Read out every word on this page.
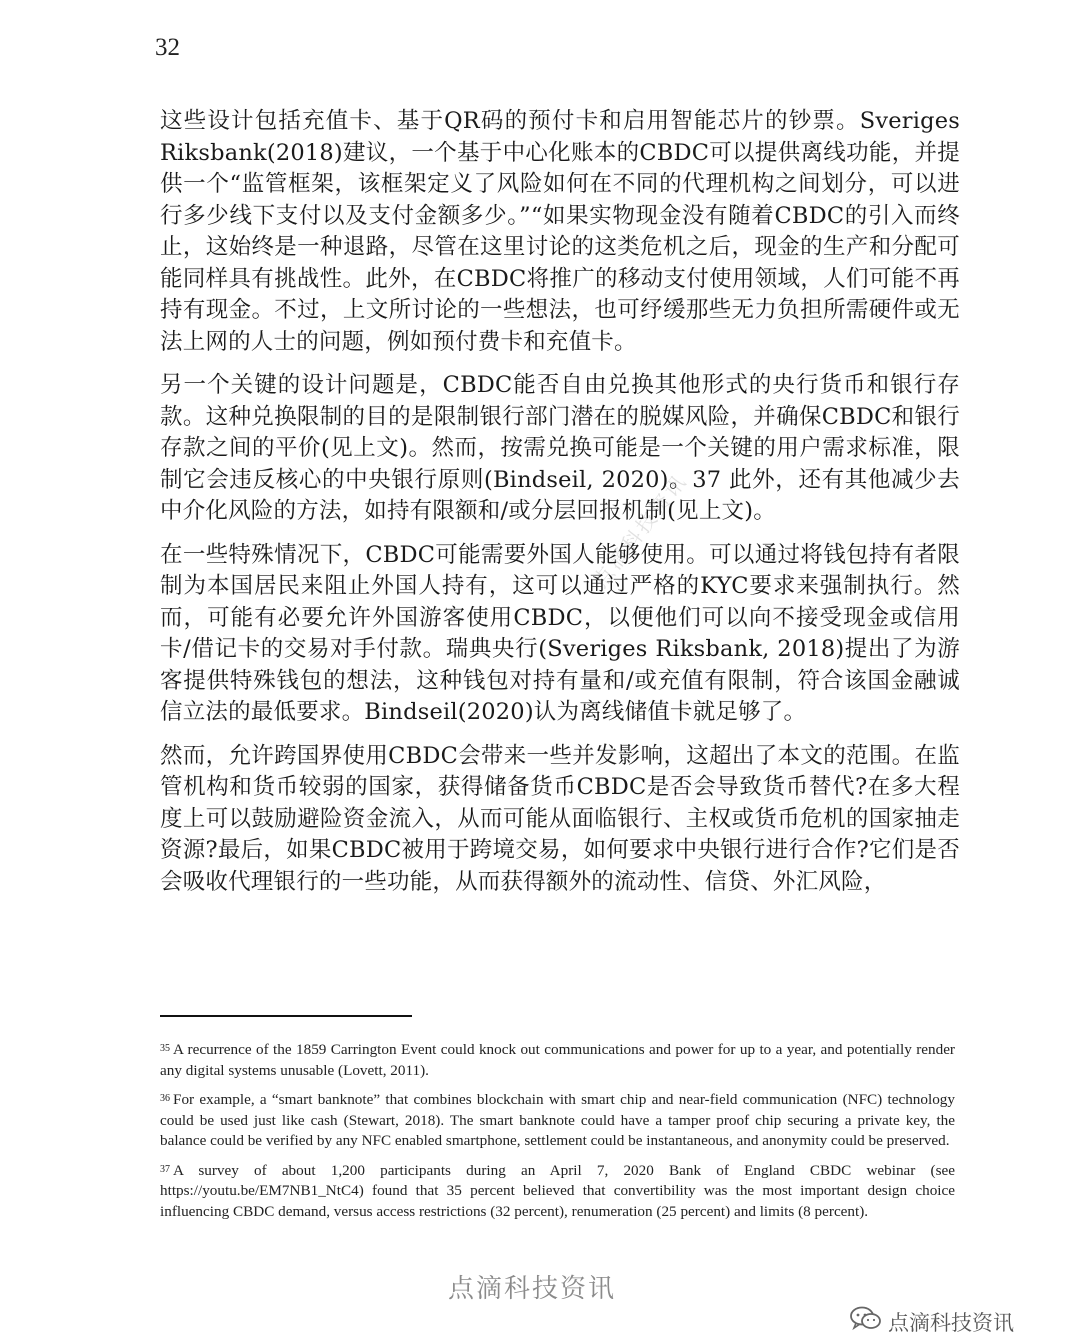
32
点滴科技资讯

这些设计包括充值卡、基于QR码的预付卡和启用智能芯片的钞票。Sveriges Riksbank(2018)建议，一个基于中心化账本的CBDC可以提供离线功能，并提供一个“监管框架，该框架定义了风险如何在不同的代理机构之间划分，可以进行多少线下支付以及支付金额多少。”“如果实物现金没有随着CBDC的引入而终止，这始终是一种退路，尽管在这里讨论的这类危机之后，现金的生产和分配可能同样具有挑战性。此外，在CBDC将推广的移动支付使用领域，人们可能不再持有现金。不过，上文所讨论的一些想法，也可纾缓那些无力负担所需硬件或无法上网的人士的问题，例如预付费卡和充值卡。

另一个关键的设计问题是，CBDC能否自由兑换其他形式的央行货币和银行存款。这种兑换限制的目的是限制银行部门潜在的脱媒风险，并确保CBDC和银行存款之间的平价(见上文)。然而，按需兑换可能是一个关键的用户需求标准，限制它会违反核心的中央银行原则(Bindseil, 2020)。37 此外，还有其他减少去中介化风险的方法，如持有限额和/或分层回报机制(见上文)。

在一些特殊情况下，CBDC可能需要外国人能够使用。可以通过将钱包持有者限制为本国居民来阻止外国人持有，这可以通过严格的KYC要求来强制执行。然而，可能有必要允许外国游客使用CBDC，以便他们可以向不接受现金或信用卡/借记卡的交易对手付款。瑞典央行(Sveriges Riksbank, 2018)提出了为游客提供特殊钱包的想法，这种钱包对持有量和/或充值有限制，符合该国金融诚信立法的最低要求。Bindseil(2020)认为离线储值卡就足够了。

然而，允许跨国界使用CBDC会带来一些并发影响，这超出了本文的范围。在监管机构和货币较弱的国家，获得储备货币CBDC是否会导致货币替代?在多大程度上可以鼓励避险资金流入，从而可能从面临银行、主权或货币危机的国家抽走资源?最后，如果CBDC被用于跨境交易，如何要求中央银行进行合作?它们是否会吸收代理银行的一些功能，从而获得额外的流动性、信贷、外汇风险，

$^{35}$ A recurrence of the 1859 Carrington Event could knock out communications and power for up to a year, and potentially render any digital systems unusable (Lovett, 2011).

$^{36}$ For example, a “smart banknote” that combines blockchain with smart chip and near-field communication (NFC) technology could be used just like cash (Stewart, 2018). The smart banknote could have a tamper proof chip securing a private key, the balance could be verified by any NFC enabled smartphone, settlement could be instantaneous, and anonymity could be preserved.

$^{37}$ A survey of about 1,200 participants during an April 7, 2020 Bank of England CBDC webinar (see https://youtu.be/EM7NB1_NtC4) found that 35 percent believed that convertibility was the most important design choice influencing CBDC demand, versus access restrictions (32 percent), renumeration (25 percent) and limits (8 percent).

点滴科技资讯
点滴科技资讯
